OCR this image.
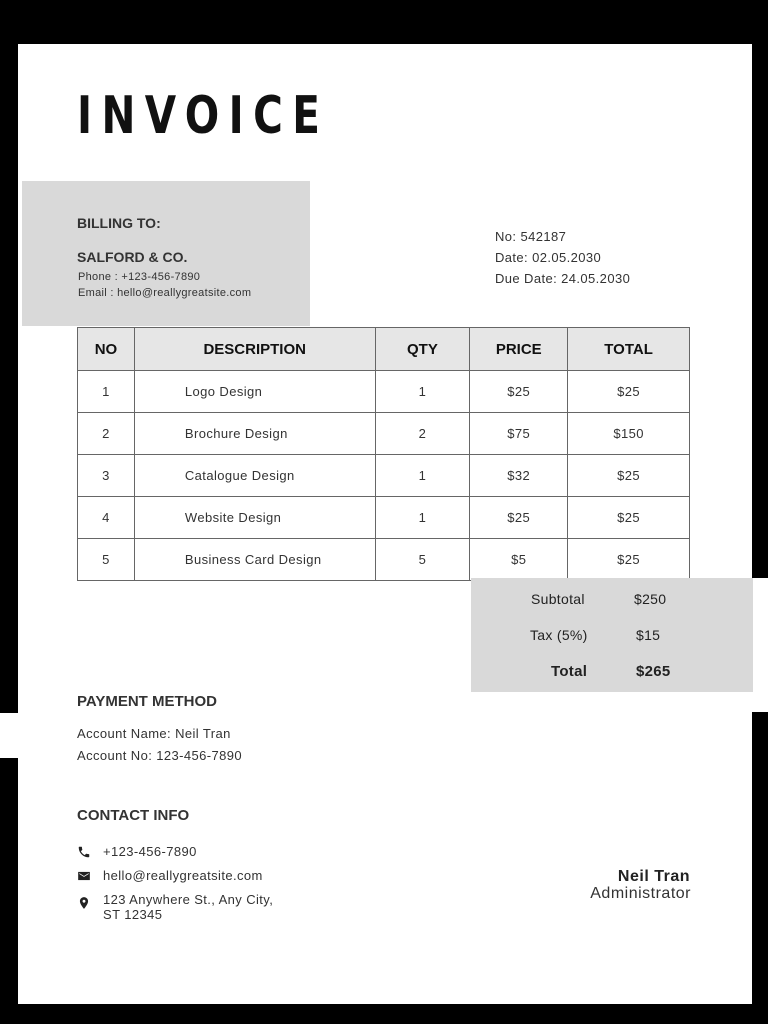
INVOICE
BILLING TO:
SALFORD & CO.
Phone : +123-456-7890
Email : hello@reallygreatsite.com
No: 542187
Date: 02.05.2030
Due Date: 24.05.2030
NO	DESCRIPTION	QTY	PRICE	TOTAL
1	Logo Design	1	$25	$25
2	Brochure Design	2	$75	$150
3	Catalogue Design	1	$32	$25
4	Website Design	1	$25	$25
5	Business Card Design	5	$5	$25
Subtotal	$250
Tax (5%)	$15
Total	$265
PAYMENT METHOD
Account Name: Neil Tran
Account No: 123-456-7890
CONTACT INFO
+123-456-7890
hello@reallygreatsite.com
123 Anywhere St., Any City,
ST 12345
Neil Tran
Administrator
